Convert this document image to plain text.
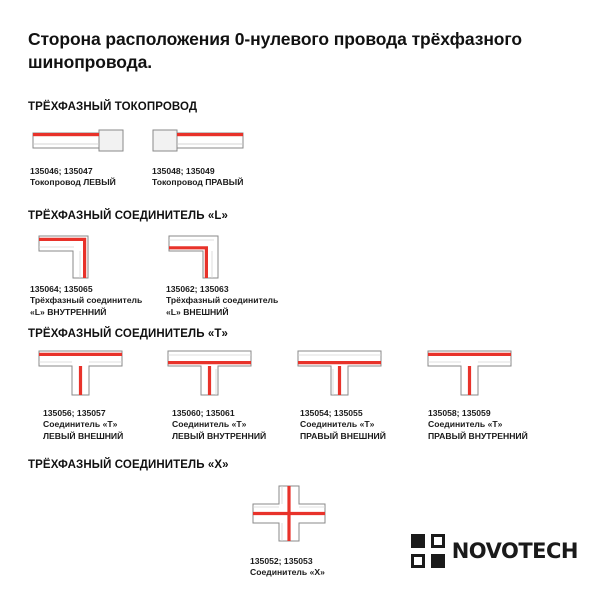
Сторона расположения 0-нулевого провода трёхфазного шинопровода.
ТРЁХФАЗНЫЙ ТОКОПРОВОД
135046; 135047
Токопровод ЛЕВЫЙ
135048; 135049
Токопровод ПРАВЫЙ
ТРЁХФАЗНЫЙ СОЕДИНИТЕЛЬ «L»
135064; 135065
Трёхфазный соединитель
«L» ВНУТРЕННИЙ
135062; 135063
Трёхфазный соединитель
«L» ВНЕШНИЙ
ТРЁХФАЗНЫЙ СОЕДИНИТЕЛЬ «Т»
135056; 135057
Соединитель «Т»
ЛЕВЫЙ ВНЕШНИЙ
135060; 135061
Соединитель «Т»
ЛЕВЫЙ ВНУТРЕННИЙ
135054; 135055
Соединитель «Т»
ПРАВЫЙ ВНЕШНИЙ
135058; 135059
Соединитель «Т»
ПРАВЫЙ ВНУТРЕННИЙ
ТРЁХФАЗНЫЙ СОЕДИНИТЕЛЬ «Х»
135052; 135053
Соединитель «Х»
NOVOTECH
